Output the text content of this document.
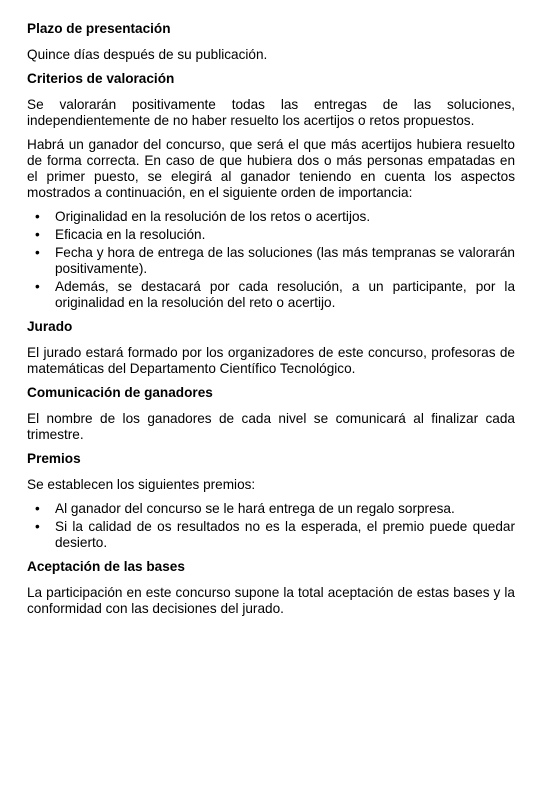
Plazo de presentación

Quince días después de su publicación.

Criterios de valoración

Se valorarán positivamente todas las entregas de las soluciones, independientemente de no haber resuelto los acertijos o retos propuestos.

Habrá un ganador del concurso, que será el que más acertijos hubiera resuelto de forma correcta. En caso de que hubiera dos o más personas empatadas en el primer puesto, se elegirá al ganador teniendo en cuenta los aspectos mostrados a continuación, en el siguiente orden de importancia:

• Originalidad en la resolución de los retos o acertijos.
• Eficacia en la resolución.
• Fecha y hora de entrega de las soluciones (las más tempranas se valorarán positivamente).
• Además, se destacará por cada resolución, a un participante, por la originalidad en la resolución del reto o acertijo.
Jurado

El jurado estará formado por los organizadores de este concurso, profesoras de matemáticas del Departamento Científico Tecnológico.

Comunicación de ganadores

El nombre de los ganadores de cada nivel se comunicará al finalizar cada trimestre.

Premios

Se establecen los siguientes premios:

• Al ganador del concurso se le hará entrega de un regalo sorpresa.
• Si la calidad de os resultados no es la esperada, el premio puede quedar desierto.
Aceptación de las bases

La participación en este concurso supone la total aceptación de estas bases y la conformidad con las decisiones del jurado.
